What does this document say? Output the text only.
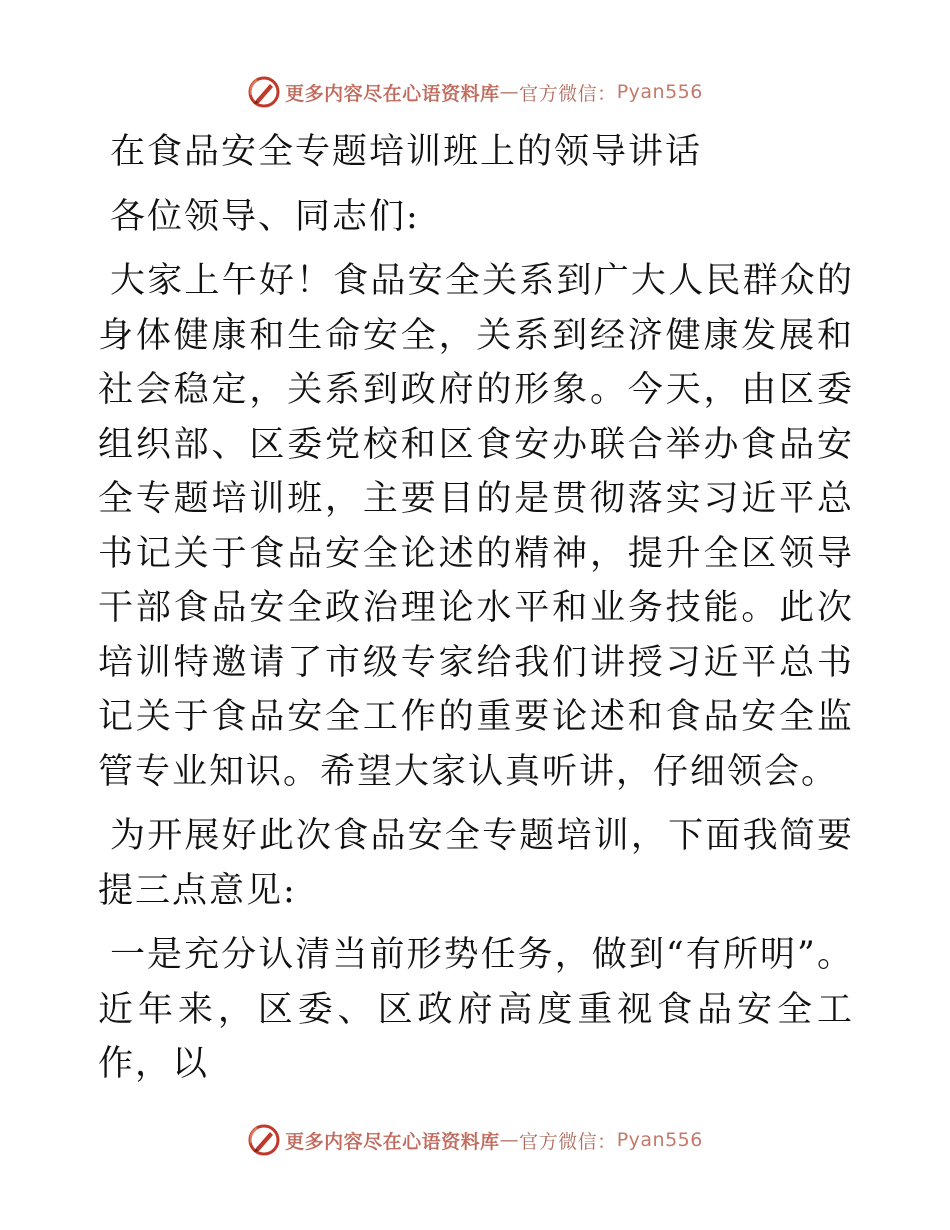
更多内容尽在心语资料库 — 官方微信： Pyan556

在食品安全专题培训班上的领导讲话

各位领导、同志们:

大家上午好！食品安全关系到广大人民群众的身体健康和生命安全，关系到经济健康发展和社会稳定，关系到政府的形象。今天，由区委组织部、区委党校和区食安办联合举办食品安全专题培训班，主要目的是贯彻落实习近平总书记关于食品安全论述的精神，提升全区领导干部食品安全政治理论水平和业务技能。此次培训特邀请了市级专家给我们讲授习近平总书记关于食品安全工作的重要论述和食品安全监管专业知识。希望大家认真听讲，仔细领会。

为开展好此次食品安全专题培训，下面我简要提三点意见:

一是充分认清当前形势任务，做到“有所明”。近年来，区委、区政府高度重视食品安全工作，以

更多内容尽在心语资料库 — 官方微信： Pyan556
